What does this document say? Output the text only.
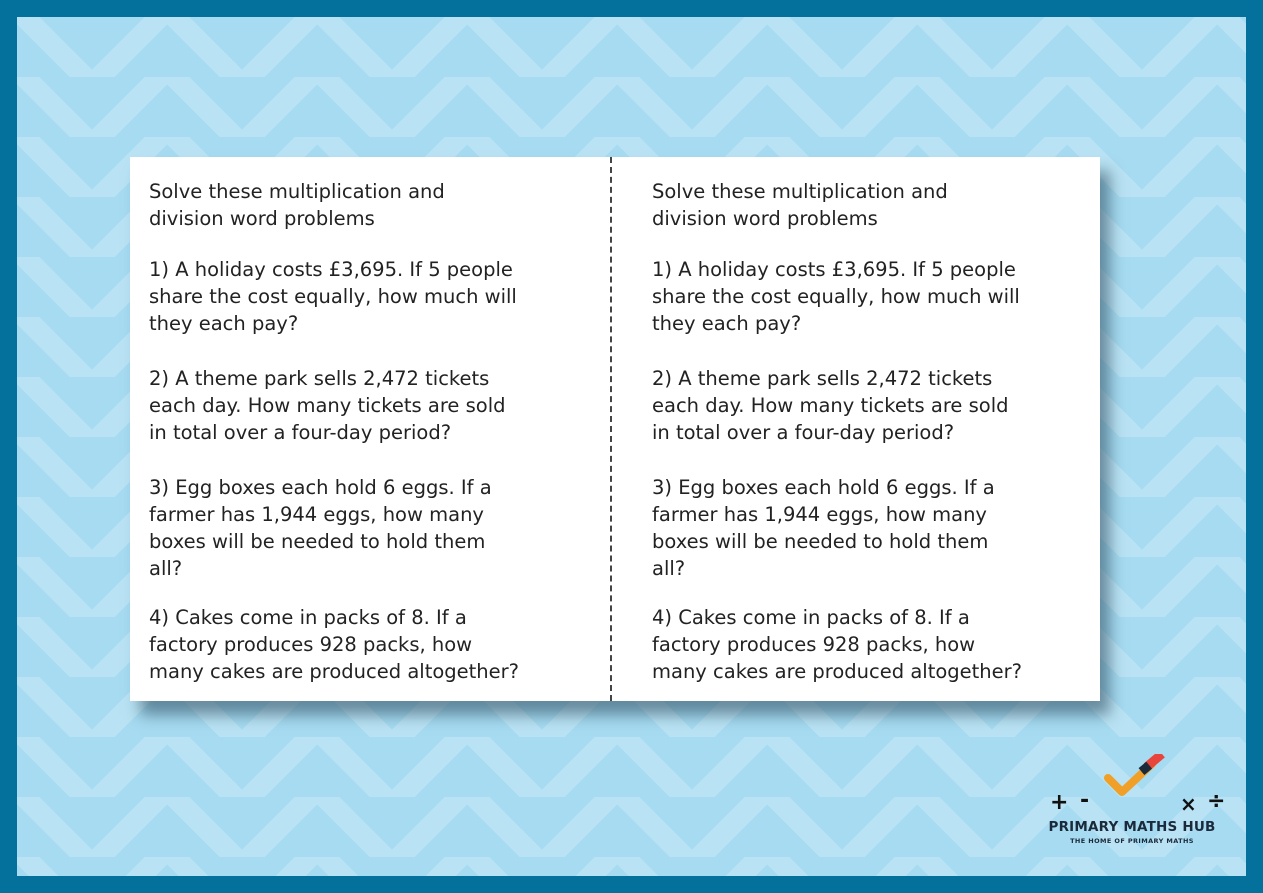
Solve these multiplication and
division word problems

1) A holiday costs £3,695. If 5 people
share the cost equally, how much will
they each pay?

2) A theme park sells 2,472 tickets
each day. How many tickets are sold
in total over a four-day period?

3) Egg boxes each hold 6 eggs. If a
farmer has 1,944 eggs, how many
boxes will be needed to hold them
all?

4) Cakes come in packs of 8. If a
factory produces 928 packs, how
many cakes are produced altogether?

Solve these multiplication and
division word problems

1) A holiday costs £3,695. If 5 people
share the cost equally, how much will
they each pay?

2) A theme park sells 2,472 tickets
each day. How many tickets are sold
in total over a four-day period?

3) Egg boxes each hold 6 eggs. If a
farmer has 1,944 eggs, how many
boxes will be needed to hold them
all?

4) Cakes come in packs of 8. If a
factory produces 928 packs, how
many cakes are produced altogether?

+ -	× ÷
PRIMARY MATHS HUB
THE HOME OF PRIMARY MATHS
